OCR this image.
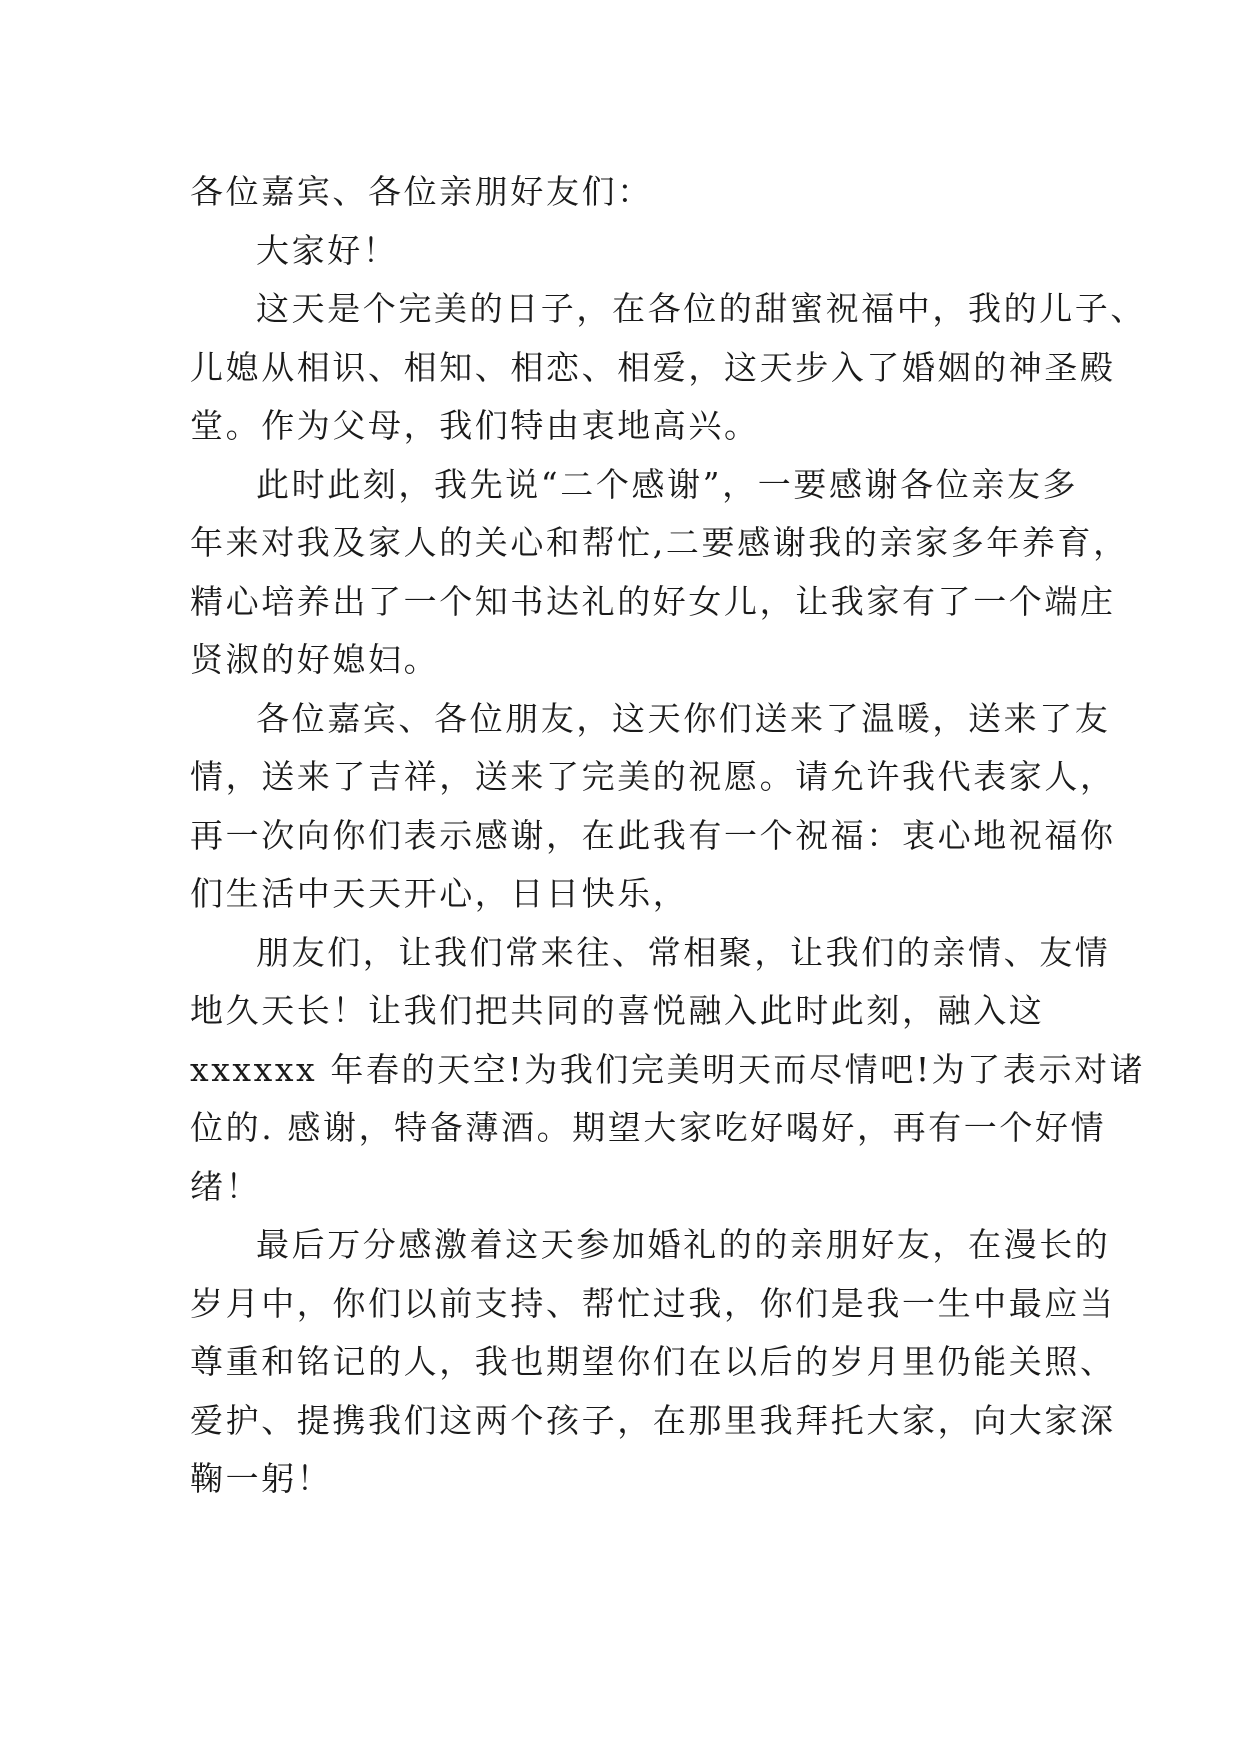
各位嘉宾、各位亲朋好友们：
大家好！
这天是个完美的日子，在各位的甜蜜祝福中，我的儿子、
儿媳从相识、相知、相恋、相爱，这天步入了婚姻的神圣殿
堂。作为父母，我们特由衷地高兴。
此时此刻，我先说“二个感谢”，一要感谢各位亲友多
年来对我及家人的关心和帮忙,二要感谢我的亲家多年养育，
精心培养出了一个知书达礼的好女儿，让我家有了一个端庄
贤淑的好媳妇。
各位嘉宾、各位朋友，这天你们送来了温暖，送来了友
情，送来了吉祥，送来了完美的祝愿。请允许我代表家人，
再一次向你们表示感谢，在此我有一个祝福：衷心地祝福你
们生活中天天开心，日日快乐，
朋友们，让我们常来往、常相聚，让我们的亲情、友情
地久天长！让我们把共同的喜悦融入此时此刻，融入这
xxxxxx 年春的天空!为我们完美明天而尽情吧!为了表示对诸
位的. 感谢，特备薄酒。期望大家吃好喝好，再有一个好情
绪！
最后万分感激着这天参加婚礼的的亲朋好友，在漫长的
岁月中，你们以前支持、帮忙过我，你们是我一生中最应当
尊重和铭记的人，我也期望你们在以后的岁月里仍能关照、
爱护、提携我们这两个孩子，在那里我拜托大家，向大家深
鞠一躬！
